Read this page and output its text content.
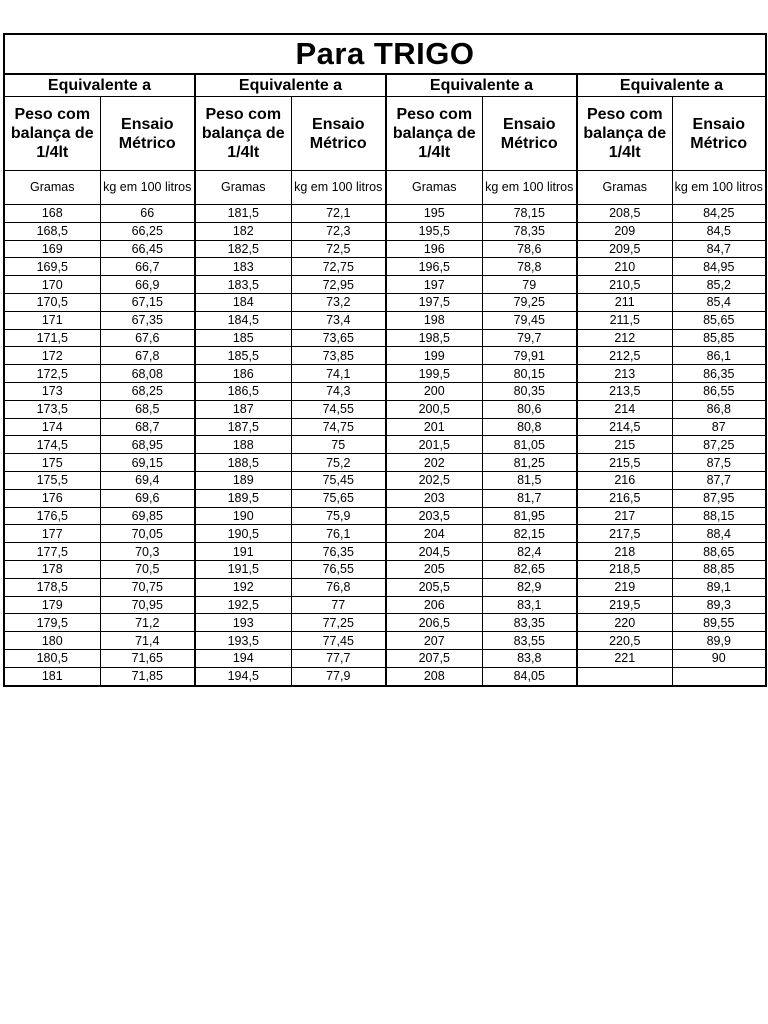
Para TRIGO							
Equivalente a		Equivalente a		Equivalente a		Equivalente a	
Peso com balança de 1/4lt	Ensaio Métrico	Peso com balança de 1/4lt	Ensaio Métrico	Peso com balança de 1/4lt	Ensaio Métrico	Peso com balança de 1/4lt	Ensaio Métrico
Gramas	kg em 100 litros	Gramas	kg em 100 litros	Gramas	kg em 100 litros	Gramas	kg em 100 litros
168	66	181,5	72,1	195	78,15	208,5	84,25
168,5	66,25	182	72,3	195,5	78,35	209	84,5
169	66,45	182,5	72,5	196	78,6	209,5	84,7
169,5	66,7	183	72,75	196,5	78,8	210	84,95
170	66,9	183,5	72,95	197	79	210,5	85,2
170,5	67,15	184	73,2	197,5	79,25	211	85,4
171	67,35	184,5	73,4	198	79,45	211,5	85,65
171,5	67,6	185	73,65	198,5	79,7	212	85,85
172	67,8	185,5	73,85	199	79,91	212,5	86,1
172,5	68,08	186	74,1	199,5	80,15	213	86,35
173	68,25	186,5	74,3	200	80,35	213,5	86,55
173,5	68,5	187	74,55	200,5	80,6	214	86,8
174	68,7	187,5	74,75	201	80,8	214,5	87
174,5	68,95	188	75	201,5	81,05	215	87,25
175	69,15	188,5	75,2	202	81,25	215,5	87,5
175,5	69,4	189	75,45	202,5	81,5	216	87,7
176	69,6	189,5	75,65	203	81,7	216,5	87,95
176,5	69,85	190	75,9	203,5	81,95	217	88,15
177	70,05	190,5	76,1	204	82,15	217,5	88,4
177,5	70,3	191	76,35	204,5	82,4	218	88,65
178	70,5	191,5	76,55	205	82,65	218,5	88,85
178,5	70,75	192	76,8	205,5	82,9	219	89,1
179	70,95	192,5	77	206	83,1	219,5	89,3
179,5	71,2	193	77,25	206,5	83,35	220	89,55
180	71,4	193,5	77,45	207	83,55	220,5	89,9
180,5	71,65	194	77,7	207,5	83,8	221	90
181	71,85	194,5	77,9	208	84,05		
